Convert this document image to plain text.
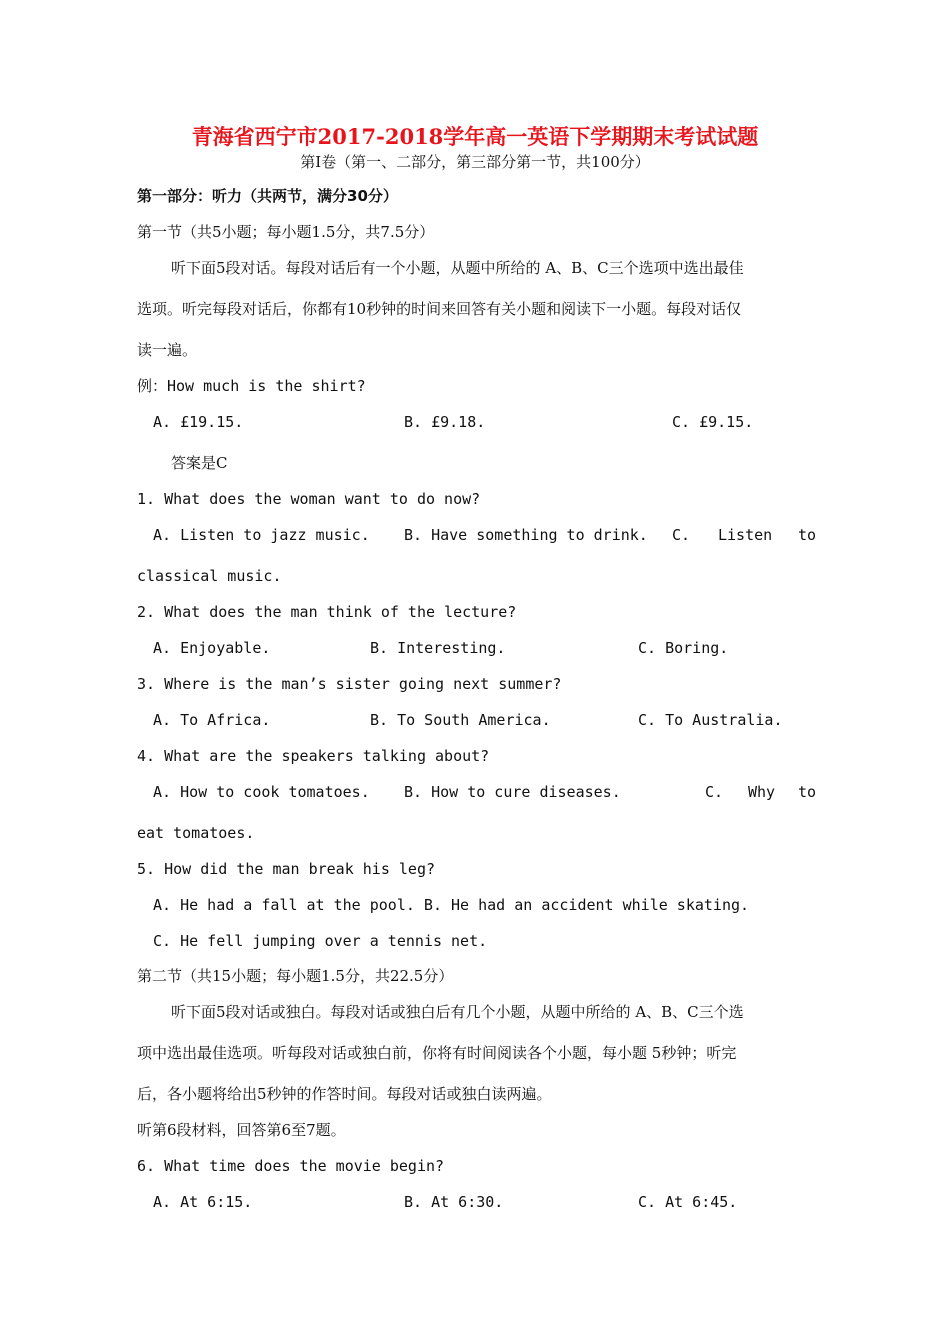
青海省西宁市2017-2018学年高一英语下学期期末考试试题
第I卷（第一、二部分，第三部分第一节，共100分）
第一部分：听力（共两节，满分30分）
第一节（共5小题；每小题1.5分，共7.5分）
听下面5段对话。每段对话后有一个小题，从题中所给的 A、B、C三个选项中选出最佳
选项。听完每段对话后，你都有10秒钟的时间来回答有关小题和阅读下一小题。每段对话仅
读一遍。
例：How much is the shirt?
A. £19.15.	B. £9.18.	C. £9.15.
答案是C
1. What does the woman want to do now?
A. Listen to jazz music. B. Have something to drink. C. Listen to
classical music.
2. What does the man think of the lecture?
A. Enjoyable.	B. Interesting.	C. Boring.
3. Where is the man’s sister going next summer?
A. To Africa.	B. To South America.	C. To Australia.
4. What are the speakers talking about?
A. How to cook tomatoes. B. How to cure diseases.	C. Why to
eat tomatoes.
5. How did the man break his leg?
A. He had a fall at the pool. B. He had an accident while skating.
C. He fell jumping over a tennis net.
第二节（共15小题；每小题1.5分，共22.5分）
听下面5段对话或独白。每段对话或独白后有几个小题，从题中所给的 A、B、C三个选
项中选出最佳选项。听每段对话或独白前，你将有时间阅读各个小题，每小题 5秒钟；听完
后，各小题将给出5秒钟的作答时间。每段对话或独白读两遍。
听第6段材料，回答第6至7题。
6. What time does the movie begin?
A. At 6:15.	B. At 6:30.	C. At 6:45.
